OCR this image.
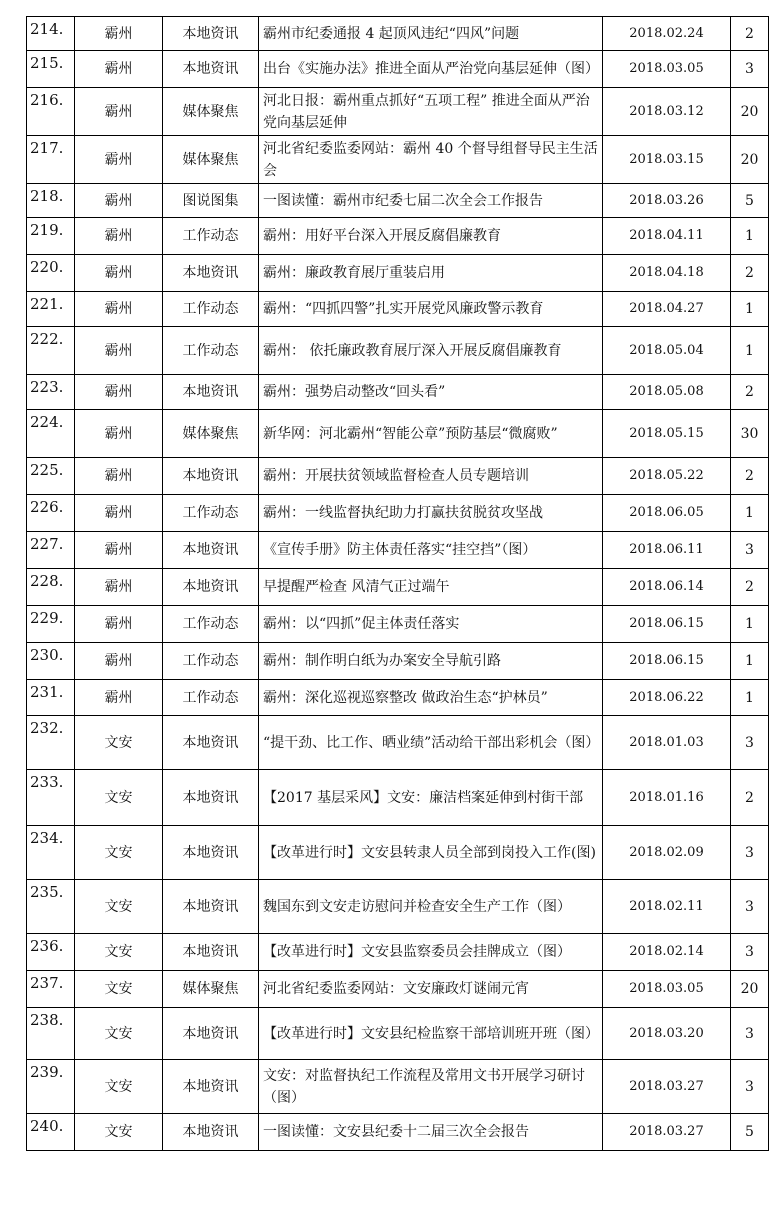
214.	霸州	本地资讯	霸州市纪委通报 4 起顶风违纪“四风”问题	2018.02.24	2
215.	霸州	本地资讯	出台《实施办法》推进全面从严治党向基层延伸（图）	2018.03.05	3
216.	霸州	媒体聚焦	河北日报：霸州重点抓好“五项工程” 推进全面从严治党向基层延伸	2018.03.12	20
217.	霸州	媒体聚焦	河北省纪委监委网站：霸州 40 个督导组督导民主生活会	2018.03.15	20
218.	霸州	图说图集	一图读懂：霸州市纪委七届二次全会工作报告	2018.03.26	5
219.	霸州	工作动态	霸州：用好平台深入开展反腐倡廉教育	2018.04.11	1
220.	霸州	本地资讯	霸州：廉政教育展厅重装启用	2018.04.18	2
221.	霸州	工作动态	霸州：“四抓四警”扎实开展党风廉政警示教育	2018.04.27	1
222.	霸州	工作动态	霸州： 依托廉政教育展厅深入开展反腐倡廉教育	2018.05.04	1
223.	霸州	本地资讯	霸州：强势启动整改“回头看”	2018.05.08	2
224.	霸州	媒体聚焦	新华网：河北霸州“智能公章”预防基层“微腐败”	2018.05.15	30
225.	霸州	本地资讯	霸州：开展扶贫领域监督检查人员专题培训	2018.05.22	2
226.	霸州	工作动态	霸州：一线监督执纪助力打赢扶贫脱贫攻坚战	2018.06.05	1
227.	霸州	本地资讯	《宣传手册》防主体责任落实“挂空挡”（图）	2018.06.11	3
228.	霸州	本地资讯	早提醒严检查 风清气正过端午	2018.06.14	2
229.	霸州	工作动态	霸州：以“四抓”促主体责任落实	2018.06.15	1
230.	霸州	工作动态	霸州：制作明白纸为办案安全导航引路	2018.06.15	1
231.	霸州	工作动态	霸州：深化巡视巡察整改 做政治生态“护林员”	2018.06.22	1
232.	文安	本地资讯	“提干劲、比工作、晒业绩”活动给干部出彩机会（图）	2018.01.03	3
233.	文安	本地资讯	【2017 基层采风】文安：廉洁档案延伸到村街干部	2018.01.16	2
234.	文安	本地资讯	【改革进行时】文安县转隶人员全部到岗投入工作(图)	2018.02.09	3
235.	文安	本地资讯	魏国东到文安走访慰问并检查安全生产工作（图）	2018.02.11	3
236.	文安	本地资讯	【改革进行时】文安县监察委员会挂牌成立（图）	2018.02.14	3
237.	文安	媒体聚焦	河北省纪委监委网站：文安廉政灯谜闹元宵	2018.03.05	20
238.	文安	本地资讯	【改革进行时】文安县纪检监察干部培训班开班（图）	2018.03.20	3
239.	文安	本地资讯	文安：对监督执纪工作流程及常用文书开展学习研讨（图）	2018.03.27	3
240.	文安	本地资讯	一图读懂：文安县纪委十二届三次全会报告	2018.03.27	5
